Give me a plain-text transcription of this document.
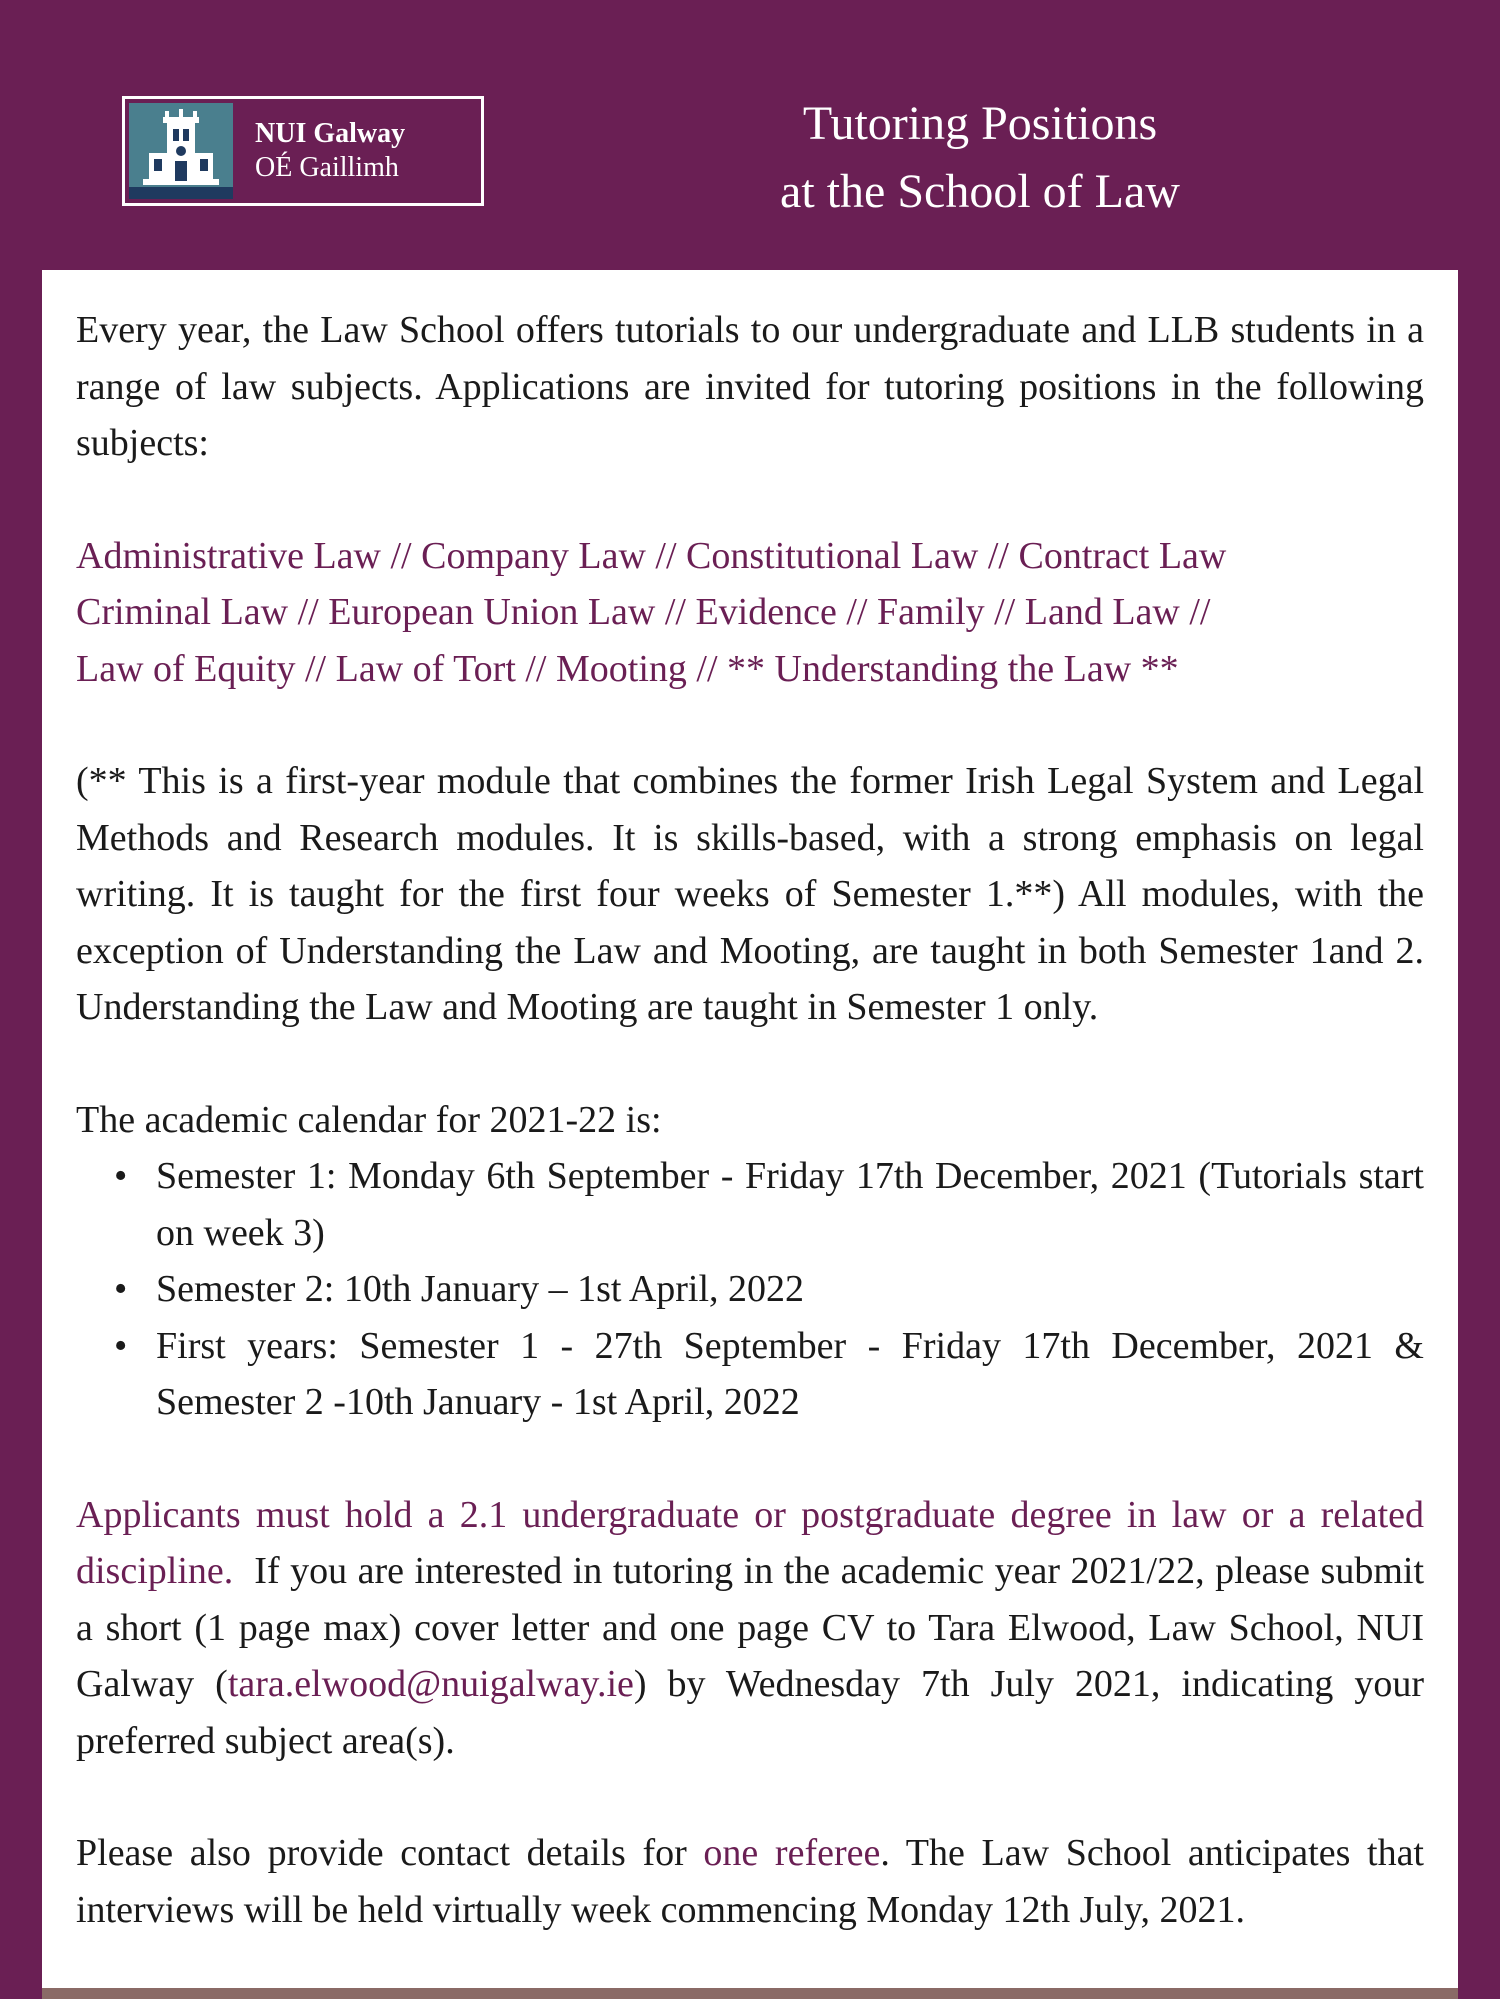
NUI Galway
OÉ Gaillimh
Tutoring Positions
at the School of Law

Every year, the Law School offers tutorials to our undergraduate and LLB students in a range of law subjects. Applications are invited for tutoring positions in the following subjects:

Administrative Law // Company Law // Constitutional Law // Contract Law
Criminal Law // European Union Law // Evidence // Family // Land Law //
Law of Equity // Law of Tort // Mooting // ** Understanding the Law **

(** This is a first-year module that combines the former Irish Legal System and Legal Methods and Research modules. It is skills-based, with a strong emphasis on legal writing. It is taught for the first four weeks of Semester 1.**) All modules, with the exception of Understanding the Law and Mooting, are taught in both Semester 1and 2. Understanding the Law and Mooting are taught in Semester 1 only.

The academic calendar for 2021-22 is:

• Semester 1: Monday 6th September - Friday 17th December, 2021 (Tutorials start on week 3)
• Semester 2: 10th January – 1st April, 2022
• First years: Semester 1 - 27th September - Friday 17th December, 2021 & Semester 2 -10th January - 1st April, 2022

Applicants must hold a 2.1 undergraduate or postgraduate degree in law or a related discipline. If you are interested in tutoring in the academic year 2021/22, please submit a short (1 page max) cover letter and one page CV to Tara Elwood, Law School, NUI Galway (tara.elwood@nuigalway.ie) by Wednesday 7th July 2021, indicating your preferred subject area(s).

Please also provide contact details for one referee. The Law School anticipates that interviews will be held virtually week commencing Monday 12th July, 2021.
